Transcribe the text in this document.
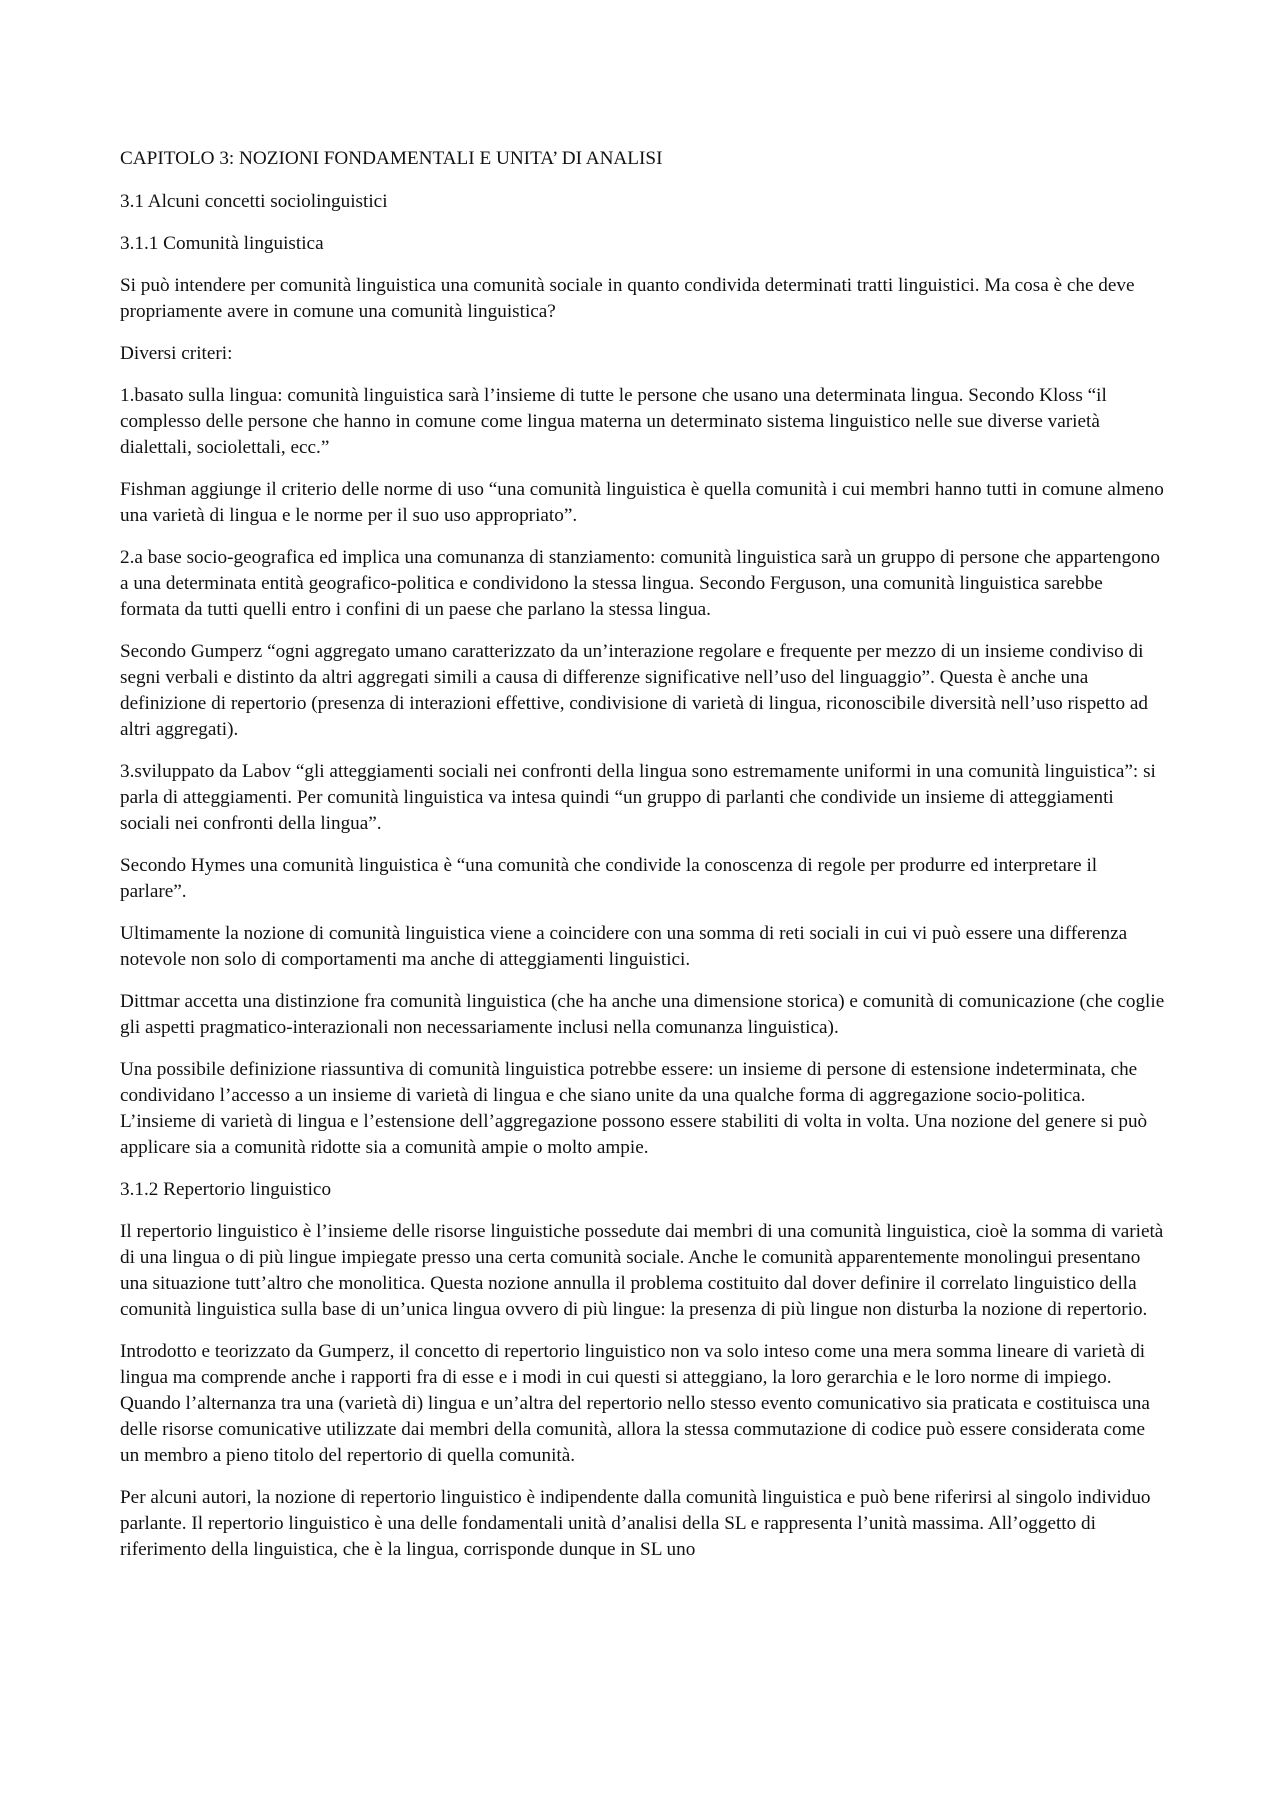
CAPITOLO 3: NOZIONI FONDAMENTALI E UNITA’ DI ANALISI
3.1 Alcuni concetti sociolinguistici
3.1.1 Comunità linguistica

Si può intendere per comunità linguistica una comunità sociale in quanto condivida determinati tratti linguistici. Ma cosa è che deve propriamente avere in comune una comunità linguistica?

Diversi criteri:

1.basato sulla lingua: comunità linguistica sarà l’insieme di tutte le persone che usano una determinata lingua. Secondo Kloss “il complesso delle persone che hanno in comune come lingua materna un determinato sistema linguistico nelle sue diverse varietà dialettali, sociolettali, ecc.”

Fishman aggiunge il criterio delle norme di uso “una comunità linguistica è quella comunità i cui membri hanno tutti in comune almeno una varietà di lingua e le norme per il suo uso appropriato”.

2.a base socio-geografica ed implica una comunanza di stanziamento: comunità linguistica sarà un gruppo di persone che appartengono a una determinata entità geografico-politica e condividono la stessa lingua. Secondo Ferguson, una comunità linguistica sarebbe formata da tutti quelli entro i confini di un paese che parlano la stessa lingua.

Secondo Gumperz “ogni aggregato umano caratterizzato da un’interazione regolare e frequente per mezzo di un insieme condiviso di segni verbali e distinto da altri aggregati simili a causa di differenze significative nell’uso del linguaggio”. Questa è anche una definizione di repertorio (presenza di interazioni effettive, condivisione di varietà di lingua, riconoscibile diversità nell’uso rispetto ad altri aggregati).

3.sviluppato da Labov “gli atteggiamenti sociali nei confronti della lingua sono estremamente uniformi in una comunità linguistica”: si parla di atteggiamenti. Per comunità linguistica va intesa quindi “un gruppo di parlanti che condivide un insieme di atteggiamenti sociali nei confronti della lingua”.

Secondo Hymes una comunità linguistica è “una comunità che condivide la conoscenza di regole per produrre ed interpretare il parlare”.

Ultimamente la nozione di comunità linguistica viene a coincidere con una somma di reti sociali in cui vi può essere una differenza notevole non solo di comportamenti ma anche di atteggiamenti linguistici.

Dittmar accetta una distinzione fra comunità linguistica (che ha anche una dimensione storica) e comunità di comunicazione (che coglie gli aspetti pragmatico-interazionali non necessariamente inclusi nella comunanza linguistica).

Una possibile definizione riassuntiva di comunità linguistica potrebbe essere: un insieme di persone di estensione indeterminata, che condividano l’accesso a un insieme di varietà di lingua e che siano unite da una qualche forma di aggregazione socio-politica. L’insieme di varietà di lingua e l’estensione dell’aggregazione possono essere stabiliti di volta in volta. Una nozione del genere si può applicare sia a comunità ridotte sia a comunità ampie o molto ampie.

3.1.2 Repertorio linguistico

Il repertorio linguistico è l’insieme delle risorse linguistiche possedute dai membri di una comunità linguistica, cioè la somma di varietà di una lingua o di più lingue impiegate presso una certa comunità sociale. Anche le comunità apparentemente monolingui presentano una situazione tutt’altro che monolitica. Questa nozione annulla il problema costituito dal dover definire il correlato linguistico della comunità linguistica sulla base di un’unica lingua ovvero di più lingue: la presenza di più lingue non disturba la nozione di repertorio.

Introdotto e teorizzato da Gumperz, il concetto di repertorio linguistico non va solo inteso come una mera somma lineare di varietà di lingua ma comprende anche i rapporti fra di esse e i modi in cui questi si atteggiano, la loro gerarchia e le loro norme di impiego. Quando l’alternanza tra una (varietà di) lingua e un’altra del repertorio nello stesso evento comunicativo sia praticata e costituisca una delle risorse comunicative utilizzate dai membri della comunità, allora la stessa commutazione di codice può essere considerata come un membro a pieno titolo del repertorio di quella comunità.

Per alcuni autori, la nozione di repertorio linguistico è indipendente dalla comunità linguistica e può bene riferirsi al singolo individuo parlante. Il repertorio linguistico è una delle fondamentali unità d’analisi della SL e rappresenta l’unità massima. All’oggetto di riferimento della linguistica, che è la lingua, corrisponde dunque in SL uno
